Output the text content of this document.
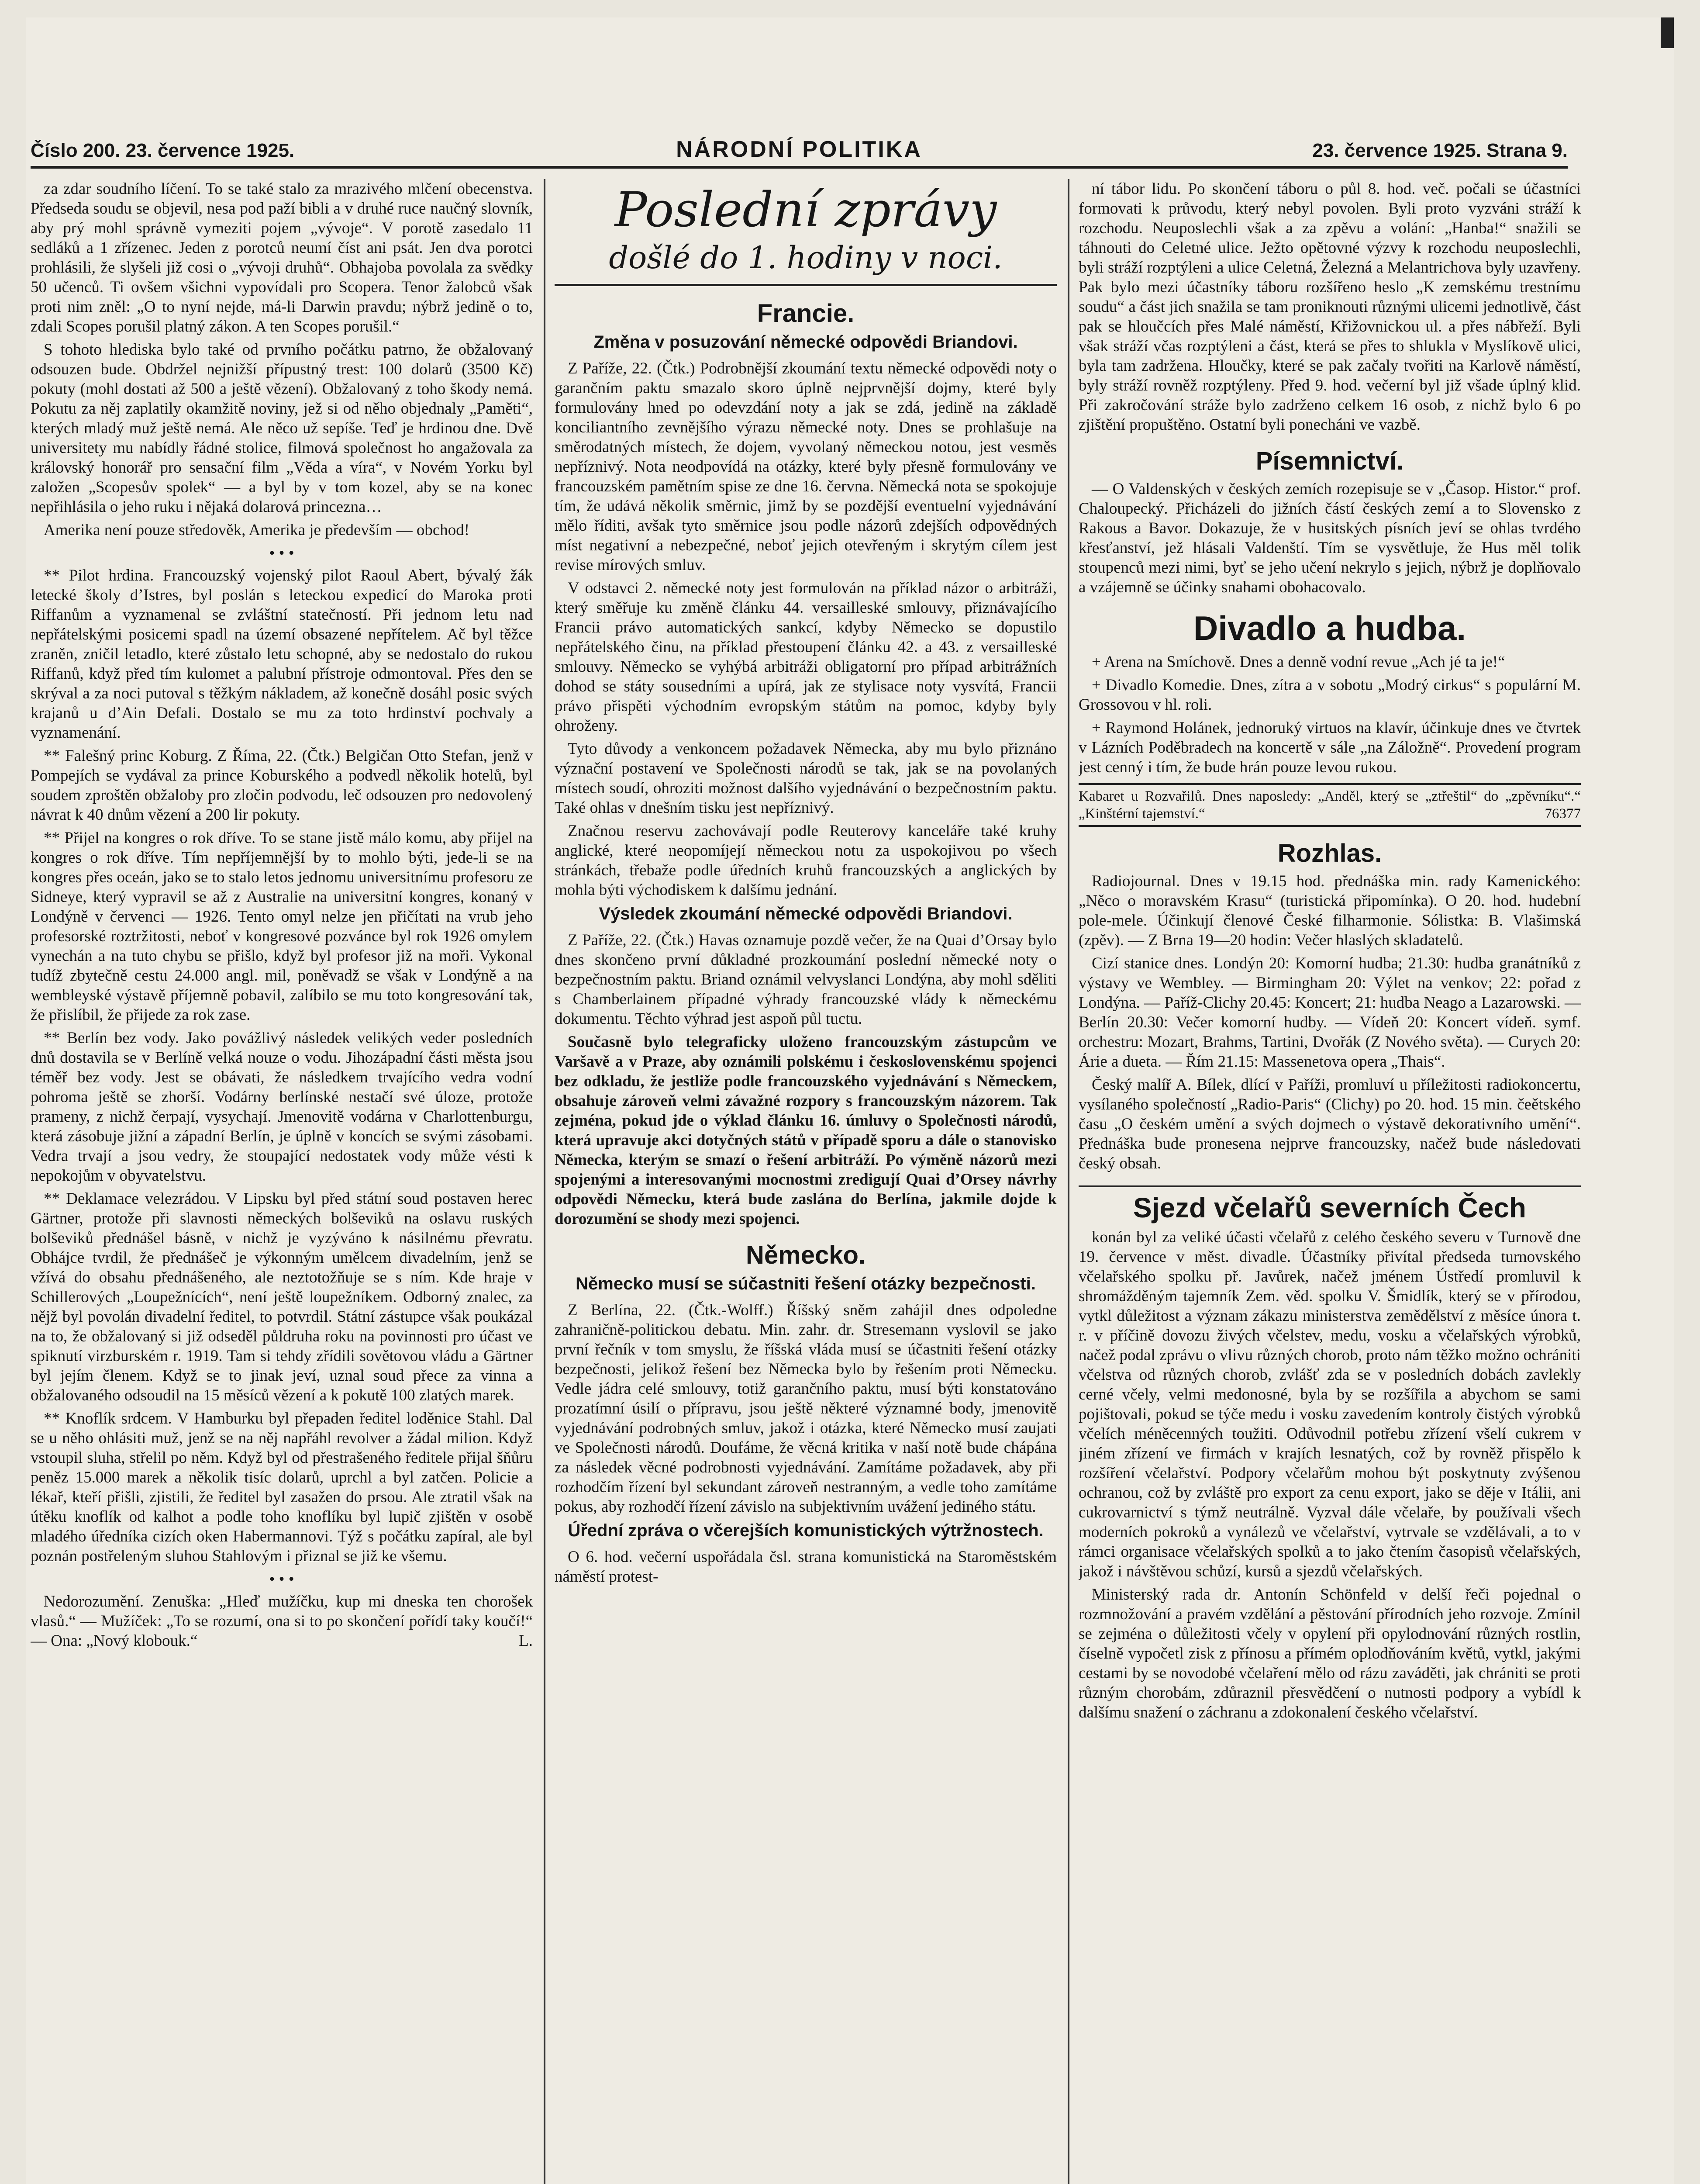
Číslo 200. 23. července 1925.	NÁRODNÍ POLITIKA	23. července 1925. Strana 9.

za zdar soudního líčení. To se také stalo za mrazivého mlčení obecenstva. Předseda soudu se objevil, nesa pod paží bibli a v druhé ruce naučný slovník, aby prý mohl správně vymeziti pojem „vývoje“. V porotě zasedalo 11 sedláků a 1 zřízenec. Jeden z porotců neumí číst ani psát. Jen dva porotci prohlásili, že slyšeli již cosi o „vývoji druhů“. Obhajoba povolala za svědky 50 učenců. Ti ovšem všichni vypovídali pro Scopera. Tenor žalobců však proti nim zněl: „O to nyní nejde, má-li Darwin pravdu; nýbrž jedině o to, zdali Scopes porušil platný zákon. A ten Scopes porušil.“

S tohoto hlediska bylo také od prvního počátku patrno, že obžalovaný odsouzen bude. Obdržel nejnižší přípustný trest: 100 dolarů (3500 Kč) pokuty (mohl dostati až 500 a ještě vězení). Obžalovaný z toho škody nemá. Pokutu za něj zaplatily okamžitě noviny, jež si od něho objednaly „Paměti“, kterých mladý muž ještě nemá. Ale něco už sepíše. Teď je hrdinou dne. Dvě universitety mu nabídly řádné stolice, filmová společnost ho angažovala za královský honorář pro sensační film „Věda a víra“, v Novém Yorku byl založen „Scopesův spolek“ — a byl by v tom kozel, aby se na konec nepřihlásila o jeho ruku i nějaká dolarová princezna…

Amerika není pouze středověk, Amerika je především — obchod!

• • •

** Pilot hrdina. Francouzský vojenský pilot Raoul Abert, bývalý žák letecké školy d’Istres, byl poslán s leteckou expedicí do Maroka proti Riffanům a vyznamenal se zvláštní statečností. Při jednom letu nad nepřátelskými posicemi spadl na území obsazené nepřítelem. Ač byl těžce zraněn, zničil letadlo, které zůstalo letu schopné, aby se nedostalo do rukou Riffanů, když před tím kulomet a palubní přístroje odmontoval. Přes den se skrýval a za noci putoval s těžkým nákladem, až konečně dosáhl posic svých krajanů u d’Ain Defali. Dostalo se mu za toto hrdinství pochvaly a vyznamenání.

** Falešný princ Koburg. Z Říma, 22. (Čtk.) Belgičan Otto Stefan, jenž v Pompejích se vydával za prince Koburského a podvedl několik hotelů, byl soudem zproštěn obžaloby pro zločin podvodu, leč odsouzen pro nedovolený návrat k 40 dnům vězení a 200 lir pokuty.

** Přijel na kongres o rok dříve. To se stane jistě málo komu, aby přijel na kongres o rok dříve. Tím nepříjemnější by to mohlo býti, jede-li se na kongres přes oceán, jako se to stalo letos jednomu universitnímu profesoru ze Sidneye, který vypravil se až z Australie na universitní kongres, konaný v Londýně v červenci — 1926. Tento omyl nelze jen přičítati na vrub jeho profesorské roztržitosti, neboť v kongresové pozvánce byl rok 1926 omylem vynechán a na tuto chybu se přišlo, když byl profesor již na moři. Vykonal tudíž zbytečně cestu 24.000 angl. mil, poněvadž se však v Londýně a na wembleyské výstavě příjemně pobavil, zalíbilo se mu toto kongresování tak, že přislíbil, že přijede za rok zase.

** Berlín bez vody. Jako povážlivý následek velikých veder posledních dnů dostavila se v Berlíně velká nouze o vodu. Jihozápadní části města jsou téměř bez vody. Jest se obávati, že následkem trvajícího vedra vodní pohroma ještě se zhorší. Vodárny berlínské nestačí své úloze, protože prameny, z nichž čerpají, vysychají. Jmenovitě vodárna v Charlottenburgu, která zásobuje jižní a západní Berlín, je úplně v koncích se svými zásobami. Vedra trvají a jsou vedry, že stoupající nedostatek vody může vésti k nepokojům v obyvatelstvu.

** Deklamace velezrádou. V Lipsku byl před státní soud postaven herec Gärtner, protože při slavnosti německých bolševiků na oslavu ruských bolševiků přednášel básně, v nichž je vyzýváno k násilnému převratu. Obhájce tvrdil, že přednášeč je výkonným umělcem divadelním, jenž se vžívá do obsahu přednášeného, ale neztotožňuje se s ním. Kde hraje v Schillerových „Loupežnících“, není ještě loupežníkem. Odborný znalec, za nějž byl povolán divadelní ředitel, to potvrdil. Státní zástupce však poukázal na to, že obžalovaný si již odseděl půldruha roku na povinnosti pro účast ve spiknutí virzburském r. 1919. Tam si tehdy zřídili sovětovou vládu a Gärtner byl jejím členem. Když se to jinak jeví, uznal soud přece za vinna a obžalovaného odsoudil na 15 měsíců vězení a k pokutě 100 zlatých marek.

** Knoflík srdcem. V Hamburku byl přepaden ředitel loděnice Stahl. Dal se u něho ohlásiti muž, jenž se na něj napřáhl revolver a žádal milion. Když vstoupil sluha, střelil po něm. Když byl od přestrašeného ředitele přijal šňůru peněz 15.000 marek a několik tisíc dolarů, uprchl a byl zatčen. Policie a lékař, kteří přišli, zjistili, že ředitel byl zasažen do prsou. Ale ztratil však na útěku knoflík od kalhot a podle toho knoflíku byl lupič zjištěn v osobě mladého úředníka cizích oken Habermannovi. Týž s počátku zapíral, ale byl poznán postřeleným sluhou Stahlovým i přiznal se již ke všemu.

• • •

Nedorozumění. Zenuška: „Hleď mužíčku, kup mi dneska ten chorošek vlasů.“ — Mužíček: „To se rozumí, ona si to po skončení pořídí taky koučí!“ — Ona: „Nový klobouk.“	L.

Poslední zprávy
došlé do 1. hodiny v noci.
Francie.
Změna v posuzování německé odpovědi Briandovi.

Z Paříže, 22. (Čtk.) Podrobnější zkoumání textu německé odpovědi noty o garančním paktu smazalo skoro úplně nejprvnější dojmy, které byly formulovány hned po odevzdání noty a jak se zdá, jedině na základě konciliantního zevnějšího výrazu německé noty. Dnes se prohlašuje na směrodatných místech, že dojem, vyvolaný německou notou, jest vesměs nepříznivý. Nota neodpovídá na otázky, které byly přesně formulovány ve francouzském pamětním spise ze dne 16. června. Německá nota se spokojuje tím, že udává několik směrnic, jimž by se pozdější eventuelní vyjednávání mělo říditi, avšak tyto směrnice jsou podle názorů zdejších odpovědných míst negativní a nebezpečné, neboť jejich otevřeným i skrytým cílem jest revise mírových smluv.

V odstavci 2. německé noty jest formulován na příklad názor o arbitráži, který směřuje ku změně článku 44. versailleské smlouvy, přiznávajícího Francii právo automatických sankcí, kdyby Německo se dopustilo nepřátelského činu, na příklad přestoupení článku 42. a 43. z versailleské smlouvy. Německo se vyhýbá arbitráži obligatorní pro případ arbitrážních dohod se státy sousedními a upírá, jak ze stylisace noty vysvítá, Francii právo přispěti východním evropským státům na pomoc, kdyby byly ohroženy.

Tyto důvody a venkoncem požadavek Německa, aby mu bylo přiznáno význační postavení ve Společnosti národů se tak, jak se na povolaných místech soudí, ohroziti možnost dalšího vyjednávání o bezpečnostním paktu. Také ohlas v dnešním tisku jest nepříznivý.

Značnou reservu zachovávají podle Reuterovy kanceláře také kruhy anglické, které neopomíjejí německou notu za uspokojivou po všech stránkách, třebaže podle úředních kruhů francouzských a anglických by mohla býti východiskem k dalšímu jednání.

Výsledek zkoumání německé odpovědi Briandovi.

Z Paříže, 22. (Čtk.) Havas oznamuje pozdě večer, že na Quai d’Orsay bylo dnes skončeno první důkladné prozkoumání poslední německé noty o bezpečnostním paktu. Briand oznámil velvyslanci Londýna, aby mohl sděliti s Chamberlainem případné výhrady francouzské vlády k německému dokumentu. Těchto výhrad jest aspoň půl tuctu.

Současně bylo telegraficky uloženo francouzským zástupcům ve Varšavě a v Praze, aby oznámili polskému i československému spojenci bez odkladu, že jestliže podle francouzského vyjednávání s Německem, obsahuje zároveň velmi závažné rozpory s francouzským názorem. Tak zejména, pokud jde o výklad článku 16. úmluvy o Společnosti národů, která upravuje akci dotyčných států v případě sporu a dále o stanovisko Německa, kterým se smazí o řešení arbitráží. Po výměně názorů mezi spojenými a interesovanými mocnostmi zredigují Quai d’Orsey návrhy odpovědi Německu, která bude zaslána do Berlína, jakmile dojde k dorozumění se shody mezi spojenci.

Německo.
Německo musí se súčastniti řešení otázky bezpečnosti.

Z Berlína, 22. (Čtk.-Wolff.) Říšský sněm zahájil dnes odpoledne zahraničně-politickou debatu. Min. zahr. dr. Stresemann vyslovil se jako první řečník v tom smyslu, že říšská vláda musí se účastniti řešení otázky bezpečnosti, jelikož řešení bez Německa bylo by řešením proti Německu. Vedle jádra celé smlouvy, totiž garančního paktu, musí býti konstatováno prozatímní úsilí o přípravu, jsou ještě některé významné body, jmenovitě vyjednávání podrobných smluv, jakož i otázka, které Německo musí zaujati ve Společnosti národů. Doufáme, že věcná kritika v naší notě bude chápána za následek věcné podrobnosti vyjednávání. Zamítáme požadavek, aby při rozhodčím řízení byl sekundant zároveň nestranným, a vedle toho zamítáme pokus, aby rozhodčí řízení závislo na subjektivním uvážení jediného státu.

Úřední zpráva o včerejších komunistických výtržnostech.

O 6. hod. večerní uspořádala čsl. strana komunistická na Staroměstském náměstí protest-

ní tábor lidu. Po skončení táboru o půl 8. hod. več. počali se účastníci formovati k průvodu, který nebyl povolen. Byli proto vyzváni stráží k rozchodu. Neuposlechli však a za zpěvu a volání: „Hanba!“ snažili se táhnouti do Celetné ulice. Ježto opětovné výzvy k rozchodu neuposlechli, byli stráží rozptýleni a ulice Celetná, Železná a Melantrichova byly uzavřeny. Pak bylo mezi účastníky táboru rozšířeno heslo „K zemskému trestnímu soudu“ a část jich snažila se tam proniknouti různými ulicemi jednotlivě, část pak se hloučcích přes Malé náměstí, Křižovnickou ul. a přes nábřeží. Byli však stráží včas rozptýleni a část, která se přes to shlukla v Myslíkově ulici, byla tam zadržena. Hloučky, které se pak začaly tvořiti na Karlově náměstí, byly stráží rovněž rozptýleny. Před 9. hod. večerní byl již všade úplný klid. Při zakročování stráže bylo zadrženo celkem 16 osob, z nichž bylo 6 po zjištění propuštěno. Ostatní byli ponecháni ve vazbě.

Písemnictví.

— O Valdenských v českých zemích rozepisuje se v „Časop. Histor.“ prof. Chaloupecký. Přicházeli do jižních částí českých zemí a to Slovensko z Rakous a Bavor. Dokazuje, že v husitských písních jeví se ohlas tvrdého křesťanství, jež hlásali Valdenští. Tím se vysvětluje, že Hus měl tolik stoupenců mezi nimi, byť se jeho učení nekrylo s jejich, nýbrž je doplňovalo a vzájemně se účinky snahami obohacovalo.

Divadlo a hudba.

+ Arena na Smíchově. Dnes a denně vodní revue „Ach jé ta je!“

+ Divadlo Komedie. Dnes, zítra a v sobotu „Modrý cirkus“ s populární M. Grossovou v hl. roli.

+ Raymond Holánek, jednoruký virtuos na klavír, účinkuje dnes ve čtvrtek v Lázních Poděbradech na koncertě v sále „na Záložně“. Provedení program jest cenný i tím, že bude hrán pouze levou rukou.

Kabaret u Rozvařilů. Dnes naposledy: „Anděl, který se „ztřeštil“ do „zpěvníku“.“ „Kinštérní tajemství.“	76377
Rozhlas.

Radiojournal. Dnes v 19.15 hod. přednáška min. rady Kamenického: „Něco o moravském Krasu“ (turistická připomínka). O 20. hod. hudební pole-mele. Účinkují členové České filharmonie. Sólistka: B. Vlašimská (zpěv). — Z Brna 19—20 hodin: Večer hlaslých skladatelů.

Cizí stanice dnes. Londýn 20: Komorní hudba; 21.30: hudba granátníků z výstavy ve Wembley. — Birmingham 20: Výlet na venkov; 22: pořad z Londýna. — Paříž-Clichy 20.45: Koncert; 21: hudba Neago a Lazarowski. — Berlín 20.30: Večer komorní hudby. — Vídeň 20: Koncert vídeň. symf. orchestru: Mozart, Brahms, Tartini, Dvořák (Z Nového světa). — Curych 20: Árie a dueta. — Řím 21.15: Massenetova opera „Thais“.

Český malíř A. Bílek, dlící v Paříži, promluví u příležitosti radiokoncertu, vysílaného společností „Radio-Paris“ (Clichy) po 20. hod. 15 min. čeětského času „O českém umění a svých dojmech o výstavě dekorativního umění“. Přednáška bude pronesena nejprve francouzsky, načež bude následovati český obsah.

Sjezd včelařů severních Čech

konán byl za veliké účasti včelařů z celého českého severu v Turnově dne 19. července v měst. divadle. Účastníky přivítal předseda turnovského včelařského spolku př. Javůrek, načež jménem Ústředí promluvil k shromážděným tajemník Zem. věd. spolku V. Šmidlík, který se v přírodou, vytkl důležitost a význam zákazu ministerstva zemědělství z měsíce února t. r. v příčině dovozu živých včelstev, medu, vosku a včelařských výrobků, načež podal zprávu o vlivu různých chorob, proto nám těžko možno ochrániti včelstva od různých chorob, zvlášť zda se v posledních dobách zavlekly cerné včely, velmi medonosné, byla by se rozšířila a abychom se sami pojištovali, pokud se týče medu i vosku zavedením kontroly čistých výrobků včelích méněcenných toužiti. Odůvodnil potřebu zřízení všelí cukrem v jiném zřízení ve firmách v krajích lesnatých, což by rovněž přispělo k rozšíření včelařství. Podpory včelařům mohou být poskytnuty zvýšenou ochranou, což by zvláště pro export za cenu export, jako se děje v Itálii, ani cukrovarnictví s týmž neutrálně. Vyzval dále včelaře, by používali všech moderních pokroků a vynálezů ve včelařství, vytrvale se vzdělávali, a to v rámci organisace včelařských spolků a to jako čtením časopisů včelařských, jakož i návštěvou schůzí, kursů a sjezdů včelařských.

Ministerský rada dr. Antonín Schönfeld v delší řeči pojednal o rozmnožování a pravém vzdělání a pěstování přírodních jeho rozvoje. Zmínil se zejména o důležitosti včely v opylení při opylodnování různých rostlin, číselně vypočetl zisk z přínosu a přímém oplodňováním květů, vytkl, jakými cestami by se novodobé včelaření mělo od rázu zaváděti, jak chrániti se proti různým chorobám, zdůraznil přesvědčení o nutnosti podpory a vybídl k dalšímu snažení o záchranu a zdokonalení českého včelařství.
